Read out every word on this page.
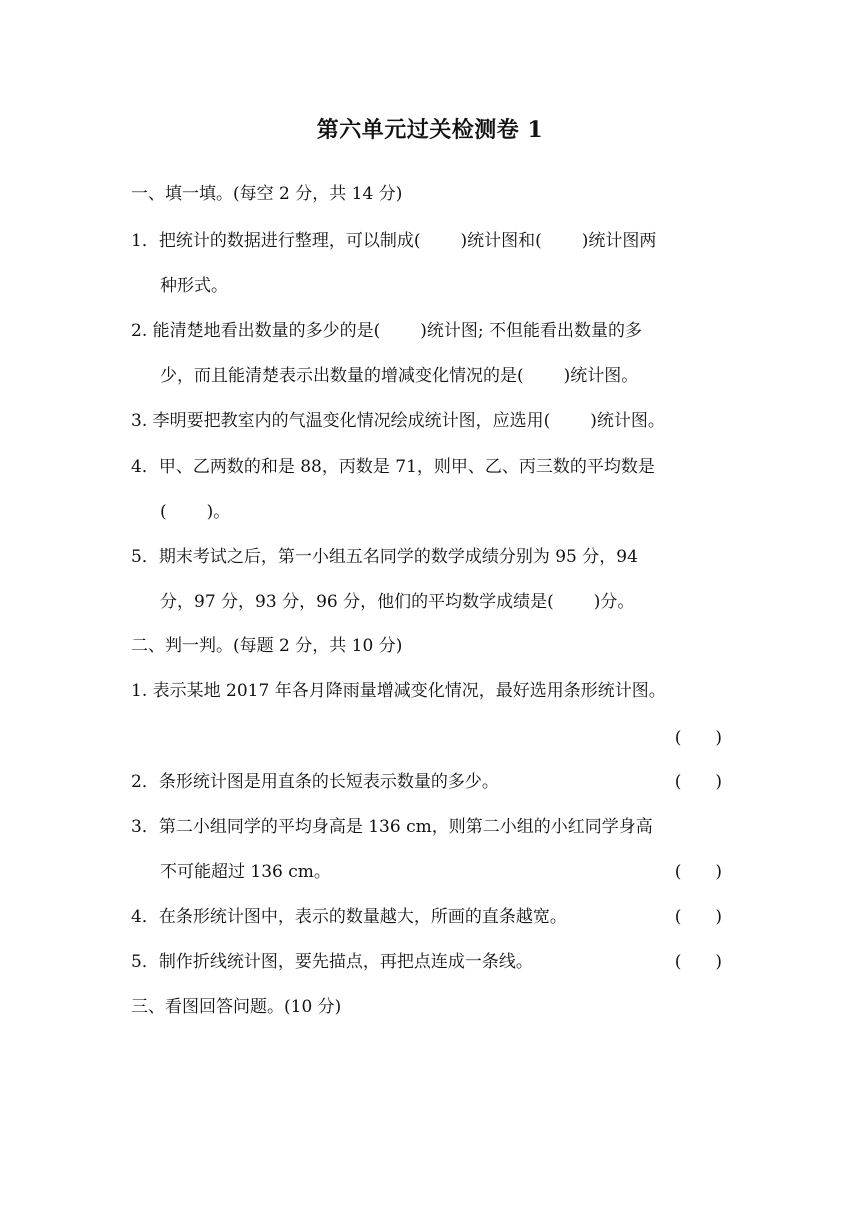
第六单元过关检测卷 1
一、填一填。(每空 2 分，共 14 分)
1．把统计的数据进行整理，可以制成( )统计图和( )统计图两
种形式。
2. 能清楚地看出数量的多少的是( )统计图; 不但能看出数量的多
少，而且能清楚表示出数量的增减变化情况的是( )统计图。
3. 李明要把教室内的气温变化情况绘成统计图，应选用( )统计图。
4．甲、乙两数的和是 88，丙数是 71，则甲、乙、丙三数的平均数是
( )。
5．期末考试之后，第一小组五名同学的数学成绩分别为 95 分，94
分，97 分，93 分，96 分，他们的平均数学成绩是( )分。
二、判一判。(每题 2 分，共 10 分)
1. 表示某地 2017 年各月降雨量增减变化情况，最好选用条形统计图。
(　　)
2．条形统计图是用直条的长短表示数量的多少。	(　　)
3．第二小组同学的平均身高是 136 cm，则第二小组的小红同学身高
不可能超过 136 cm。	(　　)
4．在条形统计图中，表示的数量越大，所画的直条越宽。	(　　)
5．制作折线统计图，要先描点，再把点连成一条线。	(　　)
三、看图回答问题。(10 分)
